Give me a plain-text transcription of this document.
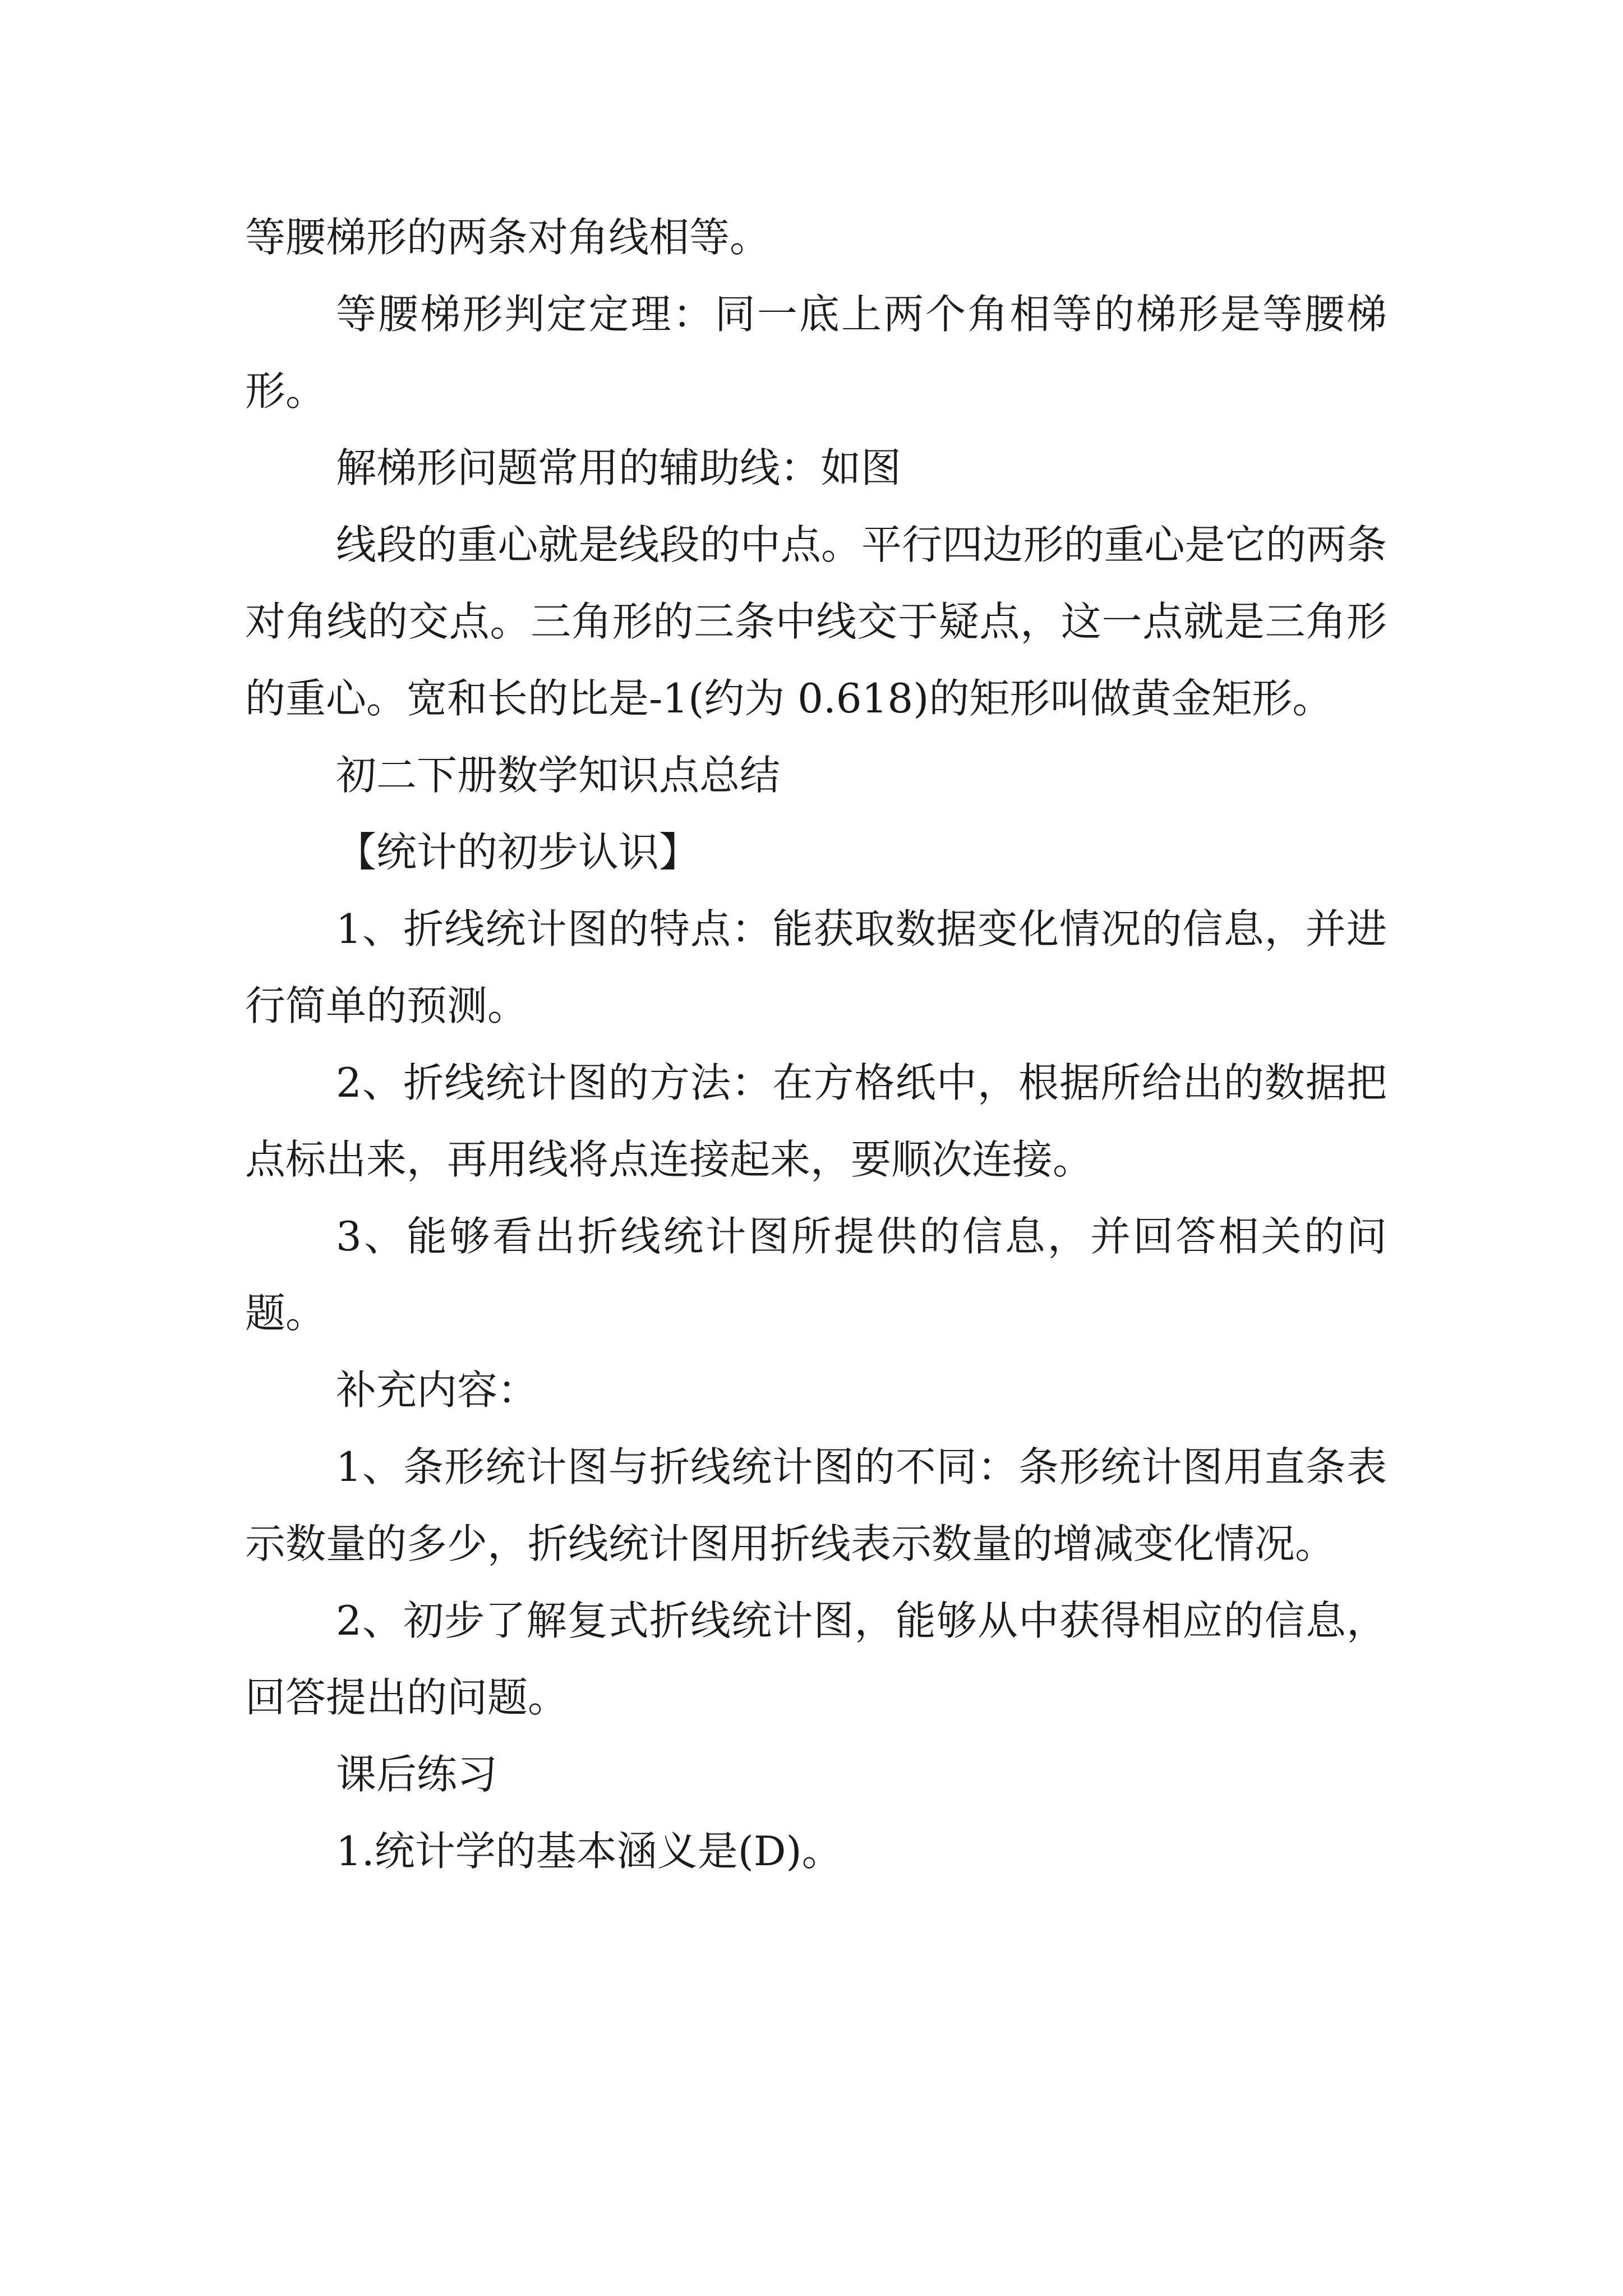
等腰梯形的两条对角线相等。

等腰梯形判定定理：同一底上两个角相等的梯形是等腰梯形。

解梯形问题常用的辅助线：如图

线段的重心就是线段的中点。平行四边形的重心是它的两条对角线的交点。三角形的三条中线交于疑点，这一点就是三角形的重心。宽和长的比是-1(约为 0.618)的矩形叫做黄金矩形。

初二下册数学知识点总结

【统计的初步认识】

1、折线统计图的特点：能获取数据变化情况的信息，并进行简单的预测。

2、折线统计图的方法：在方格纸中，根据所给出的数据把点标出来，再用线将点连接起来，要顺次连接。

3、能够看出折线统计图所提供的信息，并回答相关的问题。

补充内容：

1、条形统计图与折线统计图的不同：条形统计图用直条表示数量的多少，折线统计图用折线表示数量的增减变化情况。

2、初步了解复式折线统计图，能够从中获得相应的信息，回答提出的问题。

课后练习

1.统计学的基本涵义是(D)。
